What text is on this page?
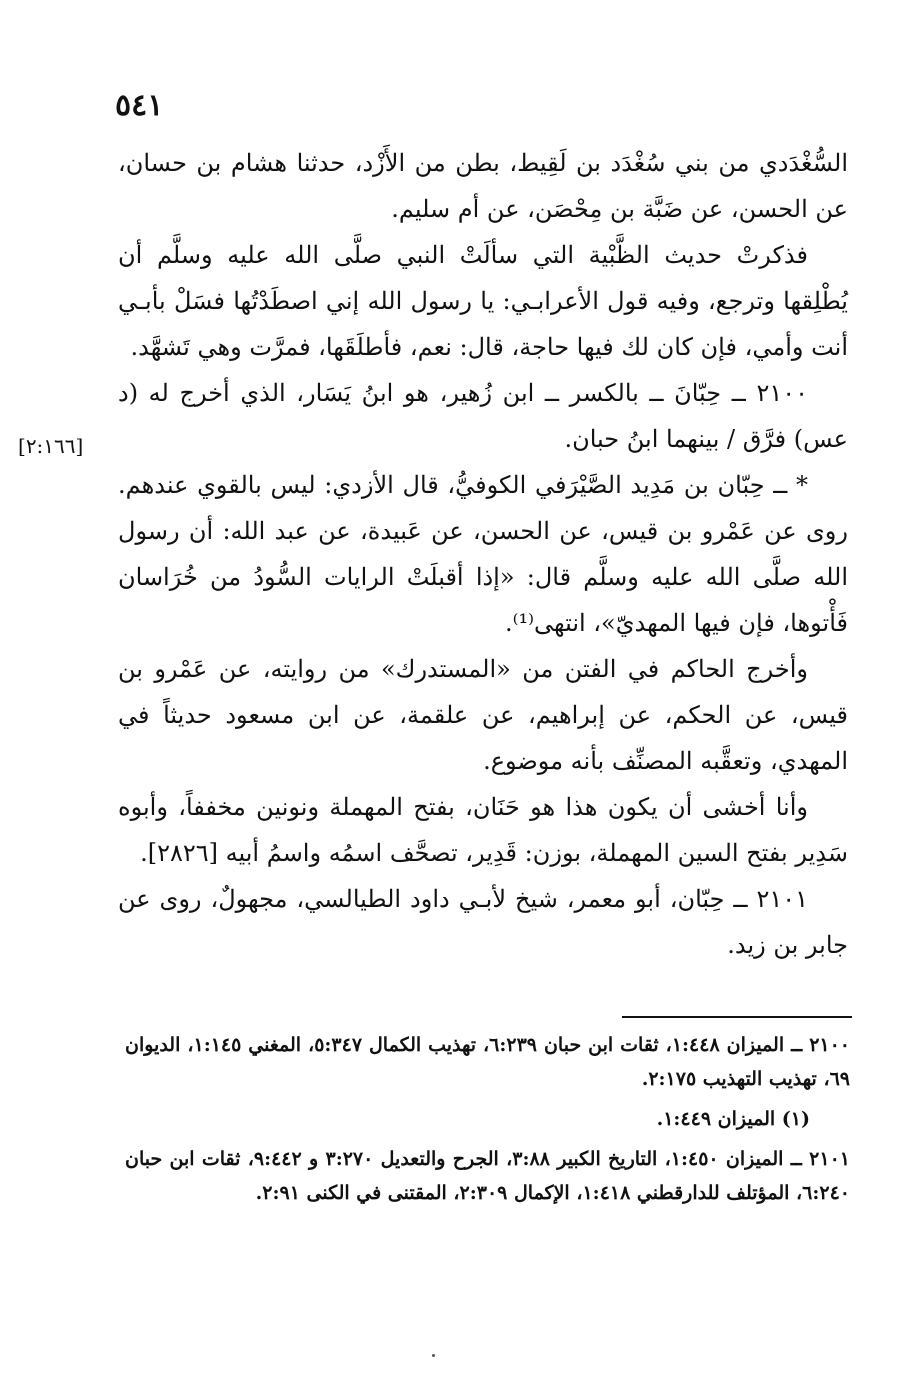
٥٤١

السُّغْدَدي من بني سُغْدَد بن لَقِيط، بطن من الأَزْد، حدثنا هشام بن حسان، عن الحسن، عن ضَبَّة بن مِحْصَن، عن أم سليم.

فذكرتْ حديث الظَّبْية التي سألَتْ النبي صلَّى الله عليه وسلَّم أن يُطْلِقها وترجع، وفيه قول الأعرابـي: يا رسول الله إني اصطَدْتُها فسَلْ بأبـي أنت وأمي، فإن كان لك فيها حاجة، قال: نعم، فأطلَقَها، فمرَّت وهي تَشهَّد.

٢١٠٠ ــ حِبّانَ ــ بالكسر ــ ابن زُهير، هو ابنُ يَسَار، الذي أخرج له (د عس) فرَّق / بينهما ابنُ حبان.

* ــ حِبّان بن مَدِيد الصَّيْرَفي الكوفيُّ، قال الأزدي: ليس بالقوي عندهم. روى عن عَمْرو بن قيس، عن الحسن، عن عَبيدة، عن عبد الله: أن رسول الله صلَّى الله عليه وسلَّم قال: «إذا أقبلَتْ الرايات السُّودُ من خُرَاسان فَأْتوها، فإن فيها المهديّ»، انتهى⁽¹⁾.

وأخرج الحاكم في الفتن من «المستدرك» من روايته، عن عَمْرو بن قيس، عن الحكم، عن إبراهيم، عن علقمة، عن ابن مسعود حديثاً في المهدي، وتعقَّبه المصنِّف بأنه موضوع.

وأنا أخشى أن يكون هذا هو حَنَان، بفتح المهملة ونونين مخففاً، وأبوه سَدِير بفتح السين المهملة، بوزن: قَدِير، تصحَّف اسمُه واسمُ أبيه [٢٨٢٦].

٢١٠١ ــ حِبّان، أبو معمر، شيخ لأبـي داود الطيالسي، مجهولٌ، روى عن جابر بن زيد.

[٢:١٦٦]

٢١٠٠ ــ الميزان ١:٤٤٨، ثقات ابن حبان ٦:٢٣٩، تهذيب الكمال ٥:٣٤٧، المغني ١:١٤٥، الديوان ٦٩، تهذيب التهذيب ٢:١٧٥.

(١) الميزان ١:٤٤٩.

٢١٠١ ــ الميزان ١:٤٥٠، التاريخ الكبير ٣:٨٨، الجرح والتعديل ٣:٢٧٠ و ٩:٤٤٢، ثقات ابن حبان ٦:٢٤٠، المؤتلف للدارقطني ١:٤١٨، الإكمال ٢:٣٠٩، المقتنى في الكنى ٢:٩١.
